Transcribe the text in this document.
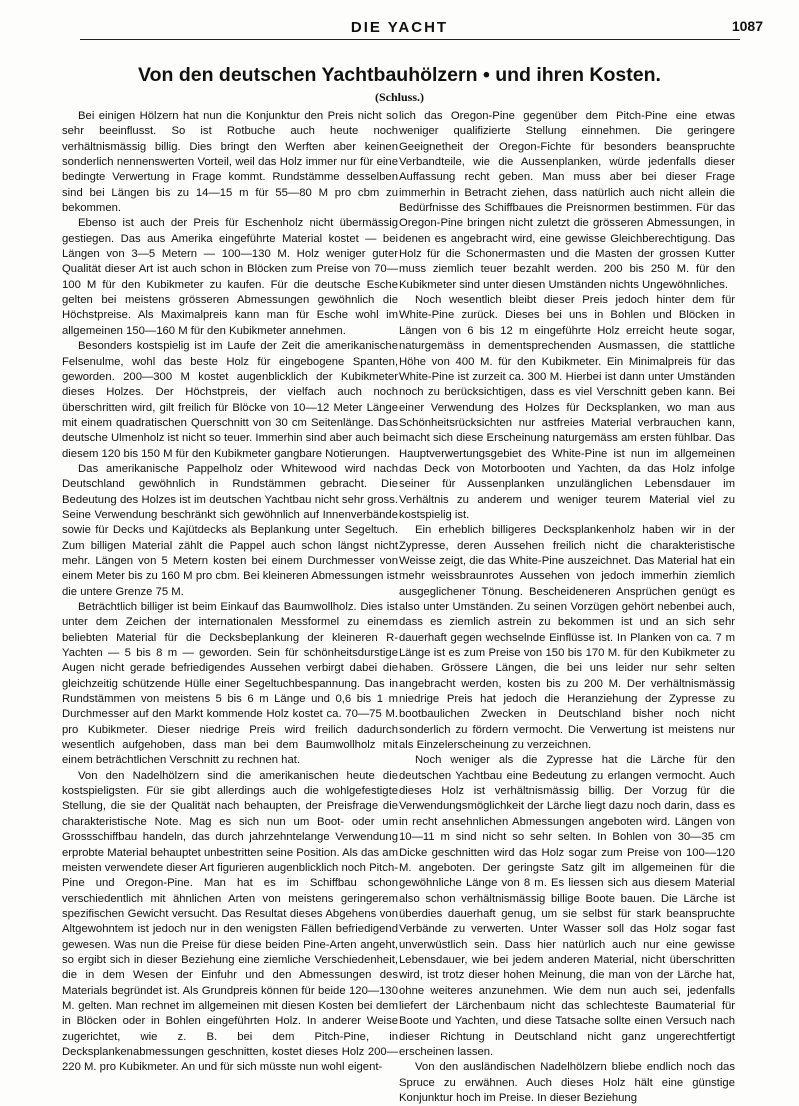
DIE YACHT	1087
Von den deutschen Yachtbauhölzern • und ihren Kosten.
(Schluss.)

Bei einigen Hölzern hat nun die Konjunktur den Preis nicht so sehr beeinflusst. So ist Rotbuche auch heute noch verhältnismässig billig. Dies bringt den Werften aber keinen sonderlich nennenswerten Vorteil, weil das Holz immer nur für eine bedingte Verwertung in Frage kommt. Rundstämme desselben sind bei Längen bis zu 14—15 m für 55—80 M pro cbm zu bekommen.

Ebenso ist auch der Preis für Eschenholz nicht übermässig gestiegen. Das aus Amerika eingeführte Material kostet — bei Längen von 3—5 Metern — 100—130 M. Holz weniger guter Qualität dieser Art ist auch schon in Blöcken zum Preise von 70—100 M für den Kubikmeter zu kaufen. Für die deutsche Esche gelten bei meistens grösseren Abmessungen gewöhnlich die Höchstpreise. Als Maximalpreis kann man für Esche wohl im allgemeinen 150—160 M für den Kubikmeter annehmen.

Besonders kostspielig ist im Laufe der Zeit die amerikanische Felsenulme, wohl das beste Holz für eingebogene Spanten, geworden. 200—300 M kostet augenblicklich der Kubikmeter dieses Holzes. Der Höchstpreis, der vielfach auch noch überschritten wird, gilt freilich für Blöcke von 10—12 Meter Länge mit einem quadratischen Querschnitt von 30 cm Seitenlänge. Das deutsche Ulmenholz ist nicht so teuer. Immerhin sind aber auch bei diesem 120 bis 150 M für den Kubikmeter gangbare Notierungen.

Das amerikanische Pappelholz oder Whitewood wird nach Deutschland gewöhnlich in Rundstämmen gebracht. Die Bedeutung des Holzes ist im deutschen Yachtbau nicht sehr gross. Seine Verwendung beschränkt sich gewöhnlich auf Innenverbände sowie für Decks und Kajütdecks als Beplankung unter Segeltuch. Zum billigen Material zählt die Pappel auch schon längst nicht mehr. Längen von 5 Metern kosten bei einem Durchmesser von einem Meter bis zu 160 M pro cbm. Bei kleineren Abmessungen ist die untere Grenze 75 M.

Beträchtlich billiger ist beim Einkauf das Baumwollholz. Dies ist unter dem Zeichen der internationalen Messformel zu einem beliebten Material für die Decksbeplankung der kleineren R-Yachten — 5 bis 8 m — geworden. Sein für schönheitsdurstige Augen nicht gerade befriedigendes Aussehen verbirgt dabei die gleichzeitig schützende Hülle einer Segeltuchbespannung. Das in Rundstämmen von meistens 5 bis 6 m Länge und 0,6 bis 1 m Durchmesser auf den Markt kommende Holz kostet ca. 70—75 M. pro Kubikmeter. Dieser niedrige Preis wird freilich dadurch wesentlich aufgehoben, dass man bei dem Baumwollholz mit einem beträchtlichen Verschnitt zu rechnen hat.

Von den Nadelhölzern sind die amerikanischen heute die kostspieligsten. Für sie gibt allerdings auch die wohlgefestigte Stellung, die sie der Qualität nach behaupten, der Preisfrage die charakteristische Note. Mag es sich nun um Boot- oder um Grossschiffbau handeln, das durch jahrzehntelange Verwendung erprobte Material behauptet unbestritten seine Position. Als das am meisten verwendete dieser Art figurieren augenblicklich noch Pitch-Pine und Oregon-Pine. Man hat es im Schiffbau schon verschiedentlich mit ähnlichen Arten von meistens geringerem spezifischen Gewicht versucht. Das Resultat dieses Abgehens von Altgewohntem ist jedoch nur in den wenigsten Fällen befriedigend gewesen. Was nun die Preise für diese beiden Pine-Arten angeht, so ergibt sich in dieser Beziehung eine ziemliche Verschiedenheit, die in dem Wesen der Einfuhr und den Abmessungen des Materials begründet ist. Als Grundpreis können für beide 120—130 M. gelten. Man rechnet im allgemeinen mit diesen Kosten bei dem in Blöcken oder in Bohlen eingeführten Holz. In anderer Weise zugerichtet, wie z. B. bei dem Pitch-Pine, in Decksplankenabmessungen geschnitten, kostet dieses Holz 200—220 M. pro Kubikmeter. An und für sich müsste nun wohl eigent-

lich das Oregon-Pine gegenüber dem Pitch-Pine eine etwas weniger qualifizierte Stellung einnehmen. Die geringere Geeignetheit der Oregon-Fichte für besonders beanspruchte Verbandteile, wie die Aussenplanken, würde jedenfalls dieser Auffassung recht geben. Man muss aber bei dieser Frage immerhin in Betracht ziehen, dass natürlich auch nicht allein die Bedürfnisse des Schiffbaues die Preisnormen bestimmen. Für das Oregon-Pine bringen nicht zuletzt die grösseren Abmessungen, in denen es angebracht wird, eine gewisse Gleichberechtigung. Das Holz für die Schonermasten und die Masten der grossen Kutter muss ziemlich teuer bezahlt werden. 200 bis 250 M. für den Kubikmeter sind unter diesen Umständen nichts Ungewöhnliches.

Noch wesentlich bleibt dieser Preis jedoch hinter dem für White-Pine zurück. Dieses bei uns in Bohlen und Blöcken in Längen von 6 bis 12 m eingeführte Holz erreicht heute sogar, naturgemäss in dementsprechenden Ausmassen, die stattliche Höhe von 400 M. für den Kubikmeter. Ein Minimalpreis für das White-Pine ist zurzeit ca. 300 M. Hierbei ist dann unter Umständen noch zu berücksichtigen, dass es viel Verschnitt geben kann. Bei einer Verwendung des Holzes für Decksplanken, wo man aus Schönheitsrücksichten nur astfreies Material verbrauchen kann, macht sich diese Erscheinung naturgemäss am ersten fühlbar. Das Hauptverwertungsgebiet des White-Pine ist nun im allgemeinen das Deck von Motorbooten und Yachten, da das Holz infolge seiner für Aussenplanken unzulänglichen Lebensdauer im Verhältnis zu anderem und weniger teurem Material viel zu kostspielig ist.

Ein erheblich billigeres Decksplankenholz haben wir in der Zypresse, deren Aussehen freilich nicht die charakteristische Weisse zeigt, die das White-Pine auszeichnet. Das Material hat ein mehr weissbraunrotes Aussehen von jedoch immerhin ziemlich ausgeglichener Tönung. Bescheideneren Ansprüchen genügt es also unter Umständen. Zu seinen Vorzügen gehört nebenbei auch, dass es ziemlich astrein zu bekommen ist und an sich sehr dauerhaft gegen wechselnde Einflüsse ist. In Planken von ca. 7 m Länge ist es zum Preise von 150 bis 170 M. für den Kubikmeter zu haben. Grössere Längen, die bei uns leider nur sehr selten angebracht werden, kosten bis zu 200 M. Der verhältnismässig niedrige Preis hat jedoch die Heranziehung der Zypresse zu bootbaulichen Zwecken in Deutschland bisher noch nicht sonderlich zu fördern vermocht. Die Verwertung ist meistens nur als Einzelerscheinung zu verzeichnen.

Noch weniger als die Zypresse hat die Lärche für den deutschen Yachtbau eine Bedeutung zu erlangen vermocht. Auch dieses Holz ist verhältnismässig billig. Der Vorzug für die Verwendungsmöglichkeit der Lärche liegt dazu noch darin, dass es in recht ansehnlichen Abmessungen angeboten wird. Längen von 10—11 m sind nicht so sehr selten. In Bohlen von 30—35 cm Dicke geschnitten wird das Holz sogar zum Preise von 100—120 M. angeboten. Der geringste Satz gilt im allgemeinen für die gewöhnliche Länge von 8 m. Es liessen sich aus diesem Material also schon verhältnismässig billige Boote bauen. Die Lärche ist überdies dauerhaft genug, um sie selbst für stark beanspruchte Verbände zu verwerten. Unter Wasser soll das Holz sogar fast unverwüstlich sein. Dass hier natürlich auch nur eine gewisse Lebensdauer, wie bei jedem anderen Material, nicht überschritten wird, ist trotz dieser hohen Meinung, die man von der Lärche hat, ohne weiteres anzunehmen. Wie dem nun auch sei, jedenfalls liefert der Lärchenbaum nicht das schlechteste Baumaterial für Boote und Yachten, und diese Tatsache sollte einen Versuch nach dieser Richtung in Deutschland nicht ganz ungerechtfertigt erscheinen lassen.

Von den ausländischen Nadelhölzern bliebe endlich noch das Spruce zu erwähnen. Auch dieses Holz hält eine günstige Konjunktur hoch im Preise. In dieser Beziehung
